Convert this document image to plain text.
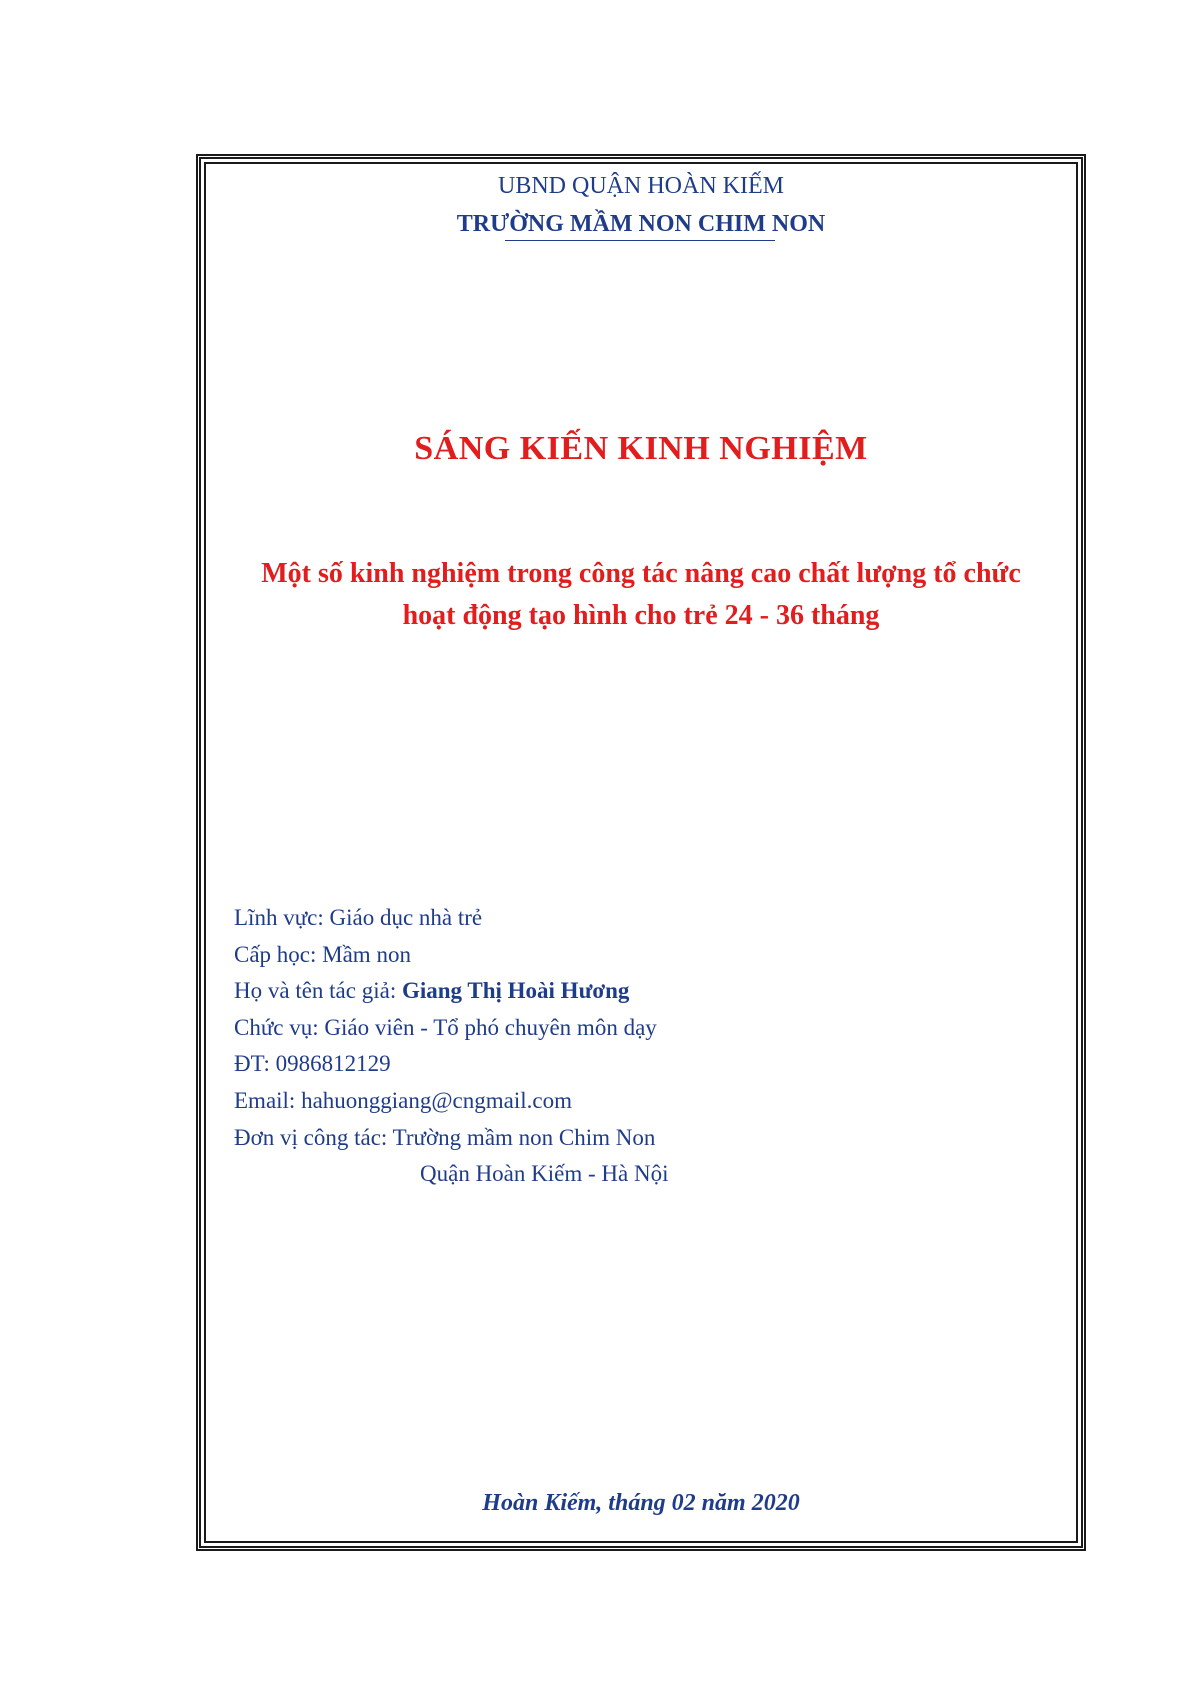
UBND QUẬN HOÀN KIẾM
TRƯỜNG MẦM NON CHIM NON
SÁNG KIẾN KINH NGHIỆM
Một số kinh nghiệm trong công tác nâng cao chất lượng tổ chức
hoạt động tạo hình cho trẻ 24 - 36 tháng
Lĩnh vực: Giáo dục nhà trẻ
Cấp học: Mầm non
Họ và tên tác giả: Giang Thị Hoài Hương
Chức vụ: Giáo viên - Tổ phó chuyên môn dạy
ĐT: 0986812129
Email: hahuonggiang@cngmail.com
Đơn vị công tác: Trường mầm non Chim Non
Quận Hoàn Kiếm - Hà Nội
Hoàn Kiếm, tháng 02 năm 2020
